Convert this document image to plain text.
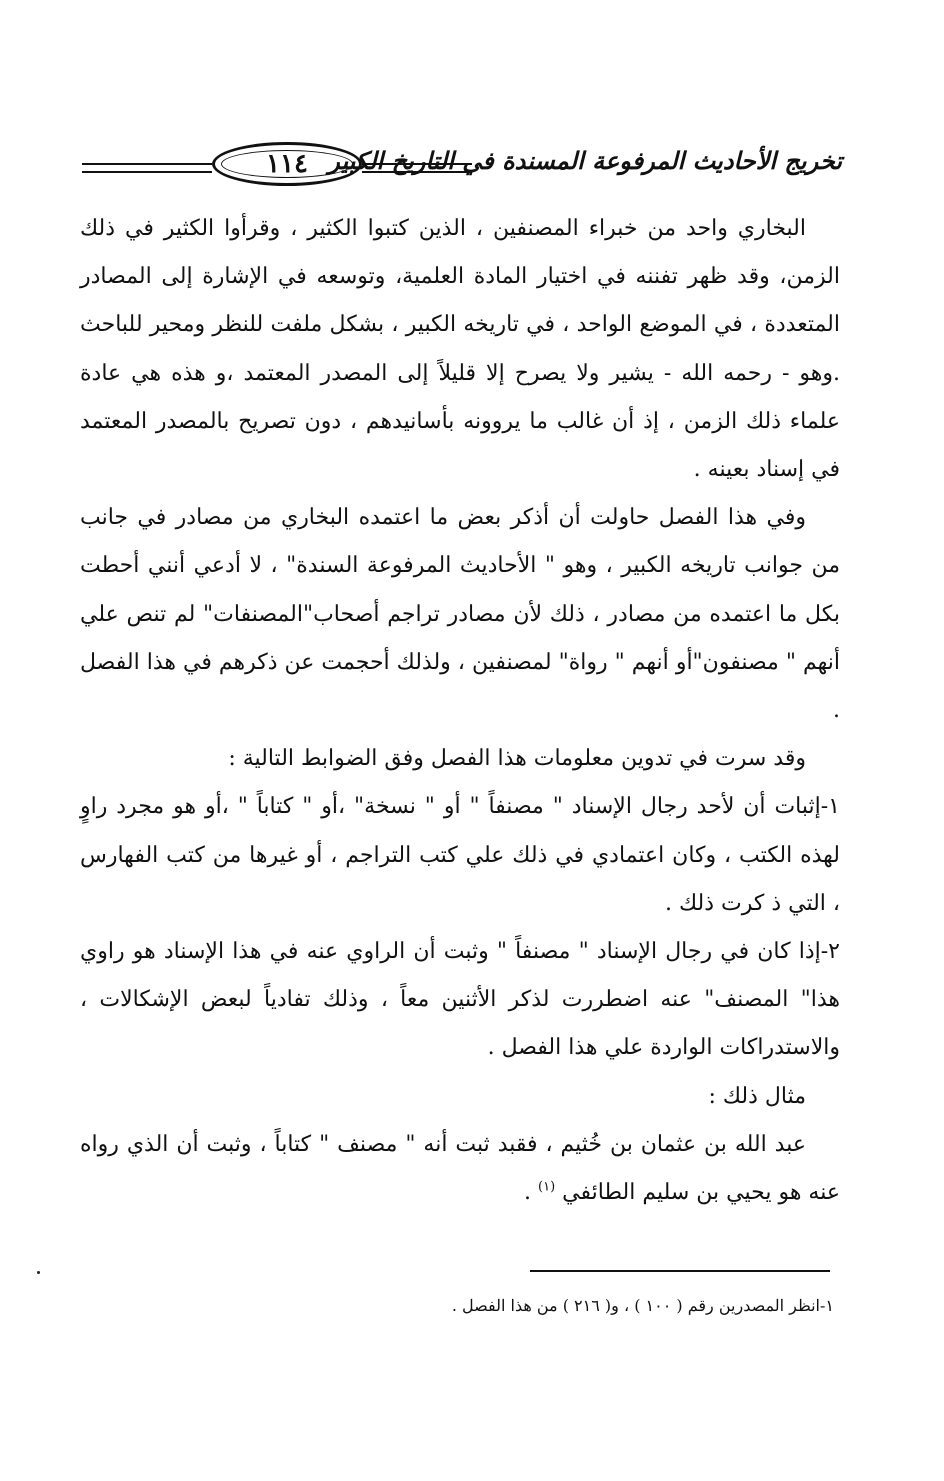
١١٤ تخريج الأحاديث المرفوعة المسندة في التاريخ الكبير

البخاري واحد من خبراء المصنفين ، الذين كتبوا الكثير ، وقرأوا الكثير في ذلك الزمن، وقد ظهر تفننه في اختيار المادة العلمية، وتوسعه في الإشارة إلى المصادر المتعددة ، في الموضع الواحد ، في تاريخه الكبير ، بشكل ملفت للنظر ومحير للباحث .وهو - رحمه الله - يشير ولا يصرح إلا قليلاً إلى المصدر المعتمد ،و هذه هي عادة علماء ذلك الزمن ، إذ أن غالب ما يروونه بأسانيدهم ، دون تصريح بالمصدر المعتمد في إسناد بعينه .

وفي هذا الفصل حاولت أن أذكر بعض ما اعتمده البخاري من مصادر في جانب من جوانب تاريخه الكبير ، وهو " الأحاديث المرفوعة السندة" ، لا أدعي أنني أحطت بكل ما اعتمده من مصادر ، ذلك لأن مصادر تراجم أصحاب"المصنفات" لم تنص علي أنهم " مصنفون"أو أنهم " رواة" لمصنفين ، ولذلك أحجمت عن ذكرهم في هذا الفصل .

وقد سرت في تدوين معلومات هذا الفصل وفق الضوابط التالية :

١-إثبات أن لأحد رجال الإسناد " مصنفاً " أو " نسخة" ،أو " كتاباً " ،أو هو مجرد راوٍ لهذه الكتب ، وكان اعتمادي في ذلك علي كتب التراجم ، أو غيرها من كتب الفهارس ، التي ذ كرت ذلك .

٢-إذا كان في رجال الإسناد " مصنفاً " وثبت أن الراوي عنه في هذا الإسناد هو راوي هذا" المصنف" عنه اضطررت لذكر الأثنين معاً ، وذلك تفادياً لبعض الإشكالات ، والاستدراكات الواردة علي هذا الفصل .

مثال ذلك :

عبد الله بن عثمان بن خُثيم ، فقبد ثبت أنه " مصنف " كتاباً ، وثبت أن الذي رواه عنه هو يحيي بن سليم الطائفي $^{(١)}$ .

١-انظر المصدرين رقم ( ١٠٠ ) ، و( ٢١٦ ) من هذا الفصل .
